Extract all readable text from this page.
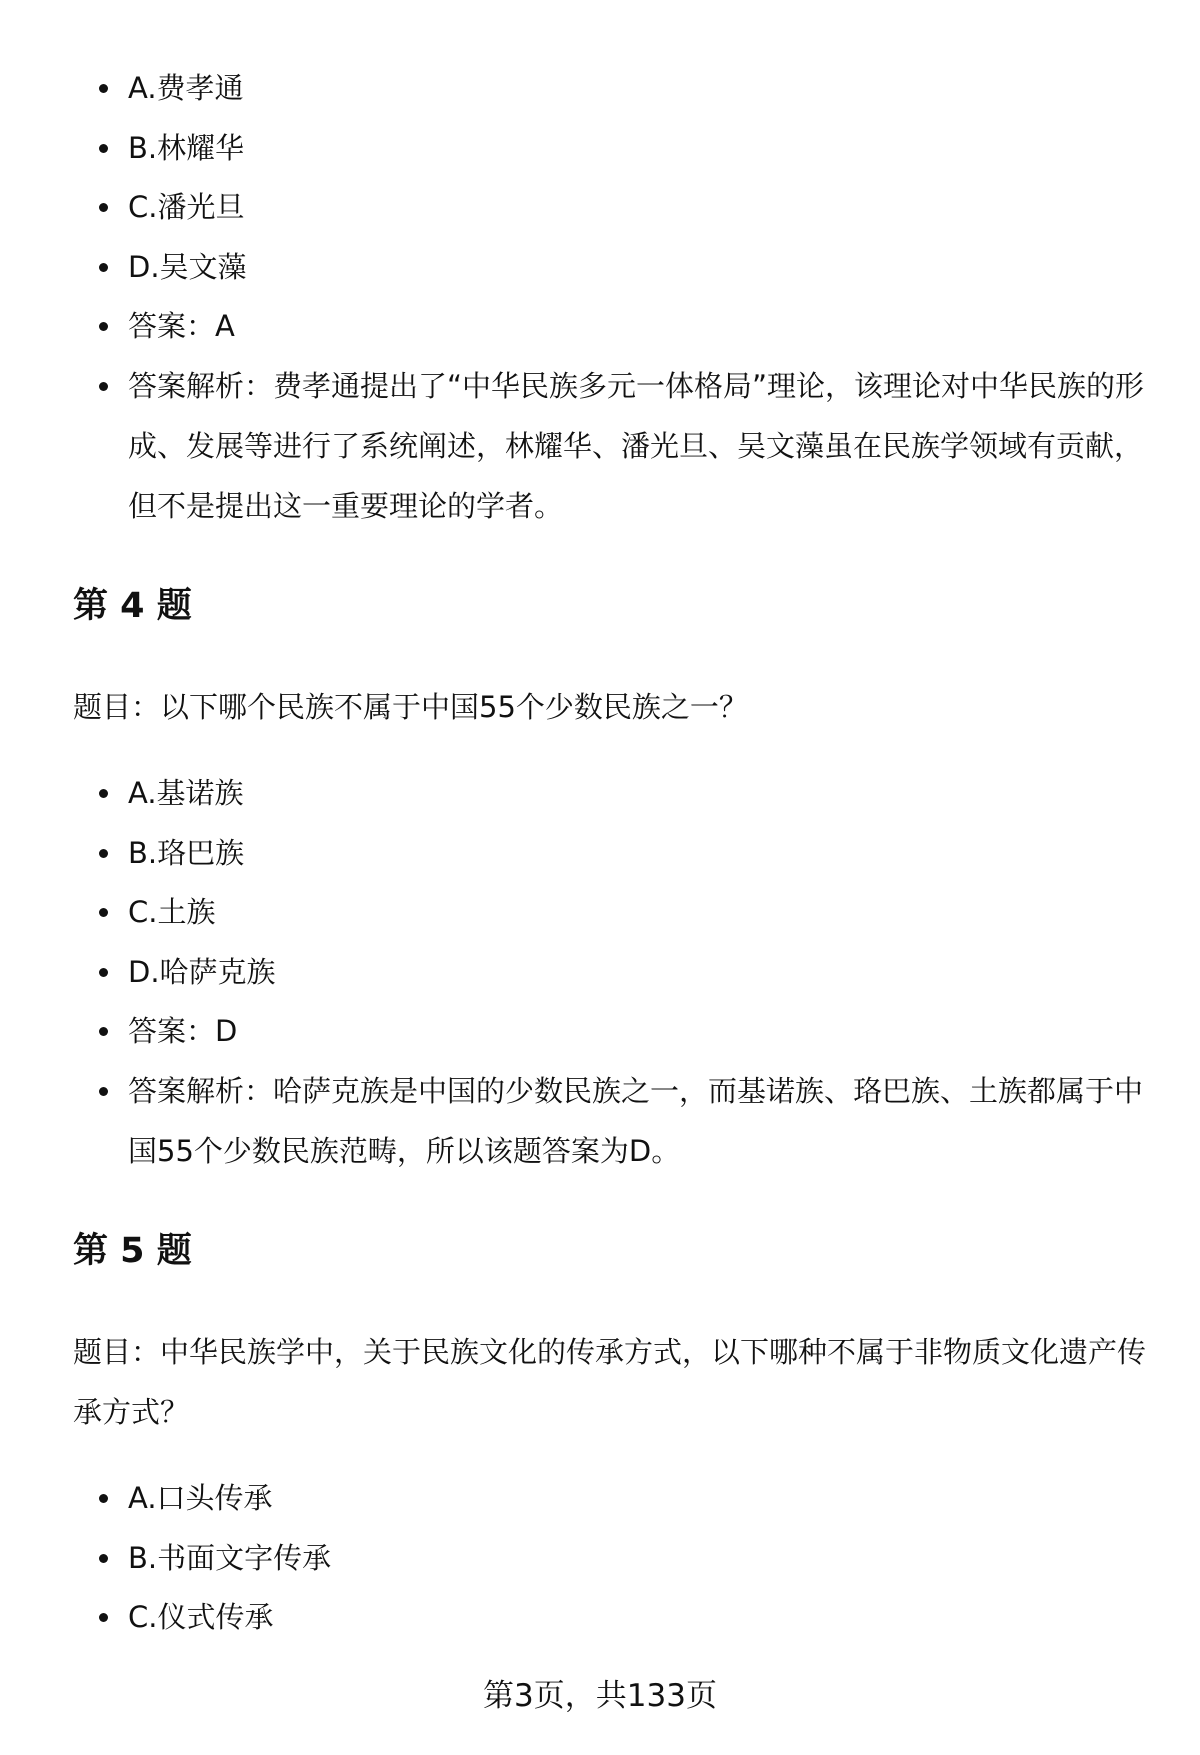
A.费孝通
B.林耀华
C.潘光旦
D.吴文藻
答案：A
答案解析：费孝通提出了“中华民族多元一体格局”理论，该理论对中华民族的形成、发展等进行了系统阐述，林耀华、潘光旦、吴文藻虽在民族学领域有贡献，但不是提出这一重要理论的学者。
第 4 题

题目：以下哪个民族不属于中国55个少数民族之一？

A.基诺族
B.珞巴族
C.土族
D.哈萨克族
答案：D
答案解析：哈萨克族是中国的少数民族之一，而基诺族、珞巴族、土族都属于中国55个少数民族范畴，所以该题答案为D。
第 5 题

题目：中华民族学中，关于民族文化的传承方式，以下哪种不属于非物质文化遗产传承方式？

A.口头传承
B.书面文字传承
C.仪式传承
第3页，共133页
